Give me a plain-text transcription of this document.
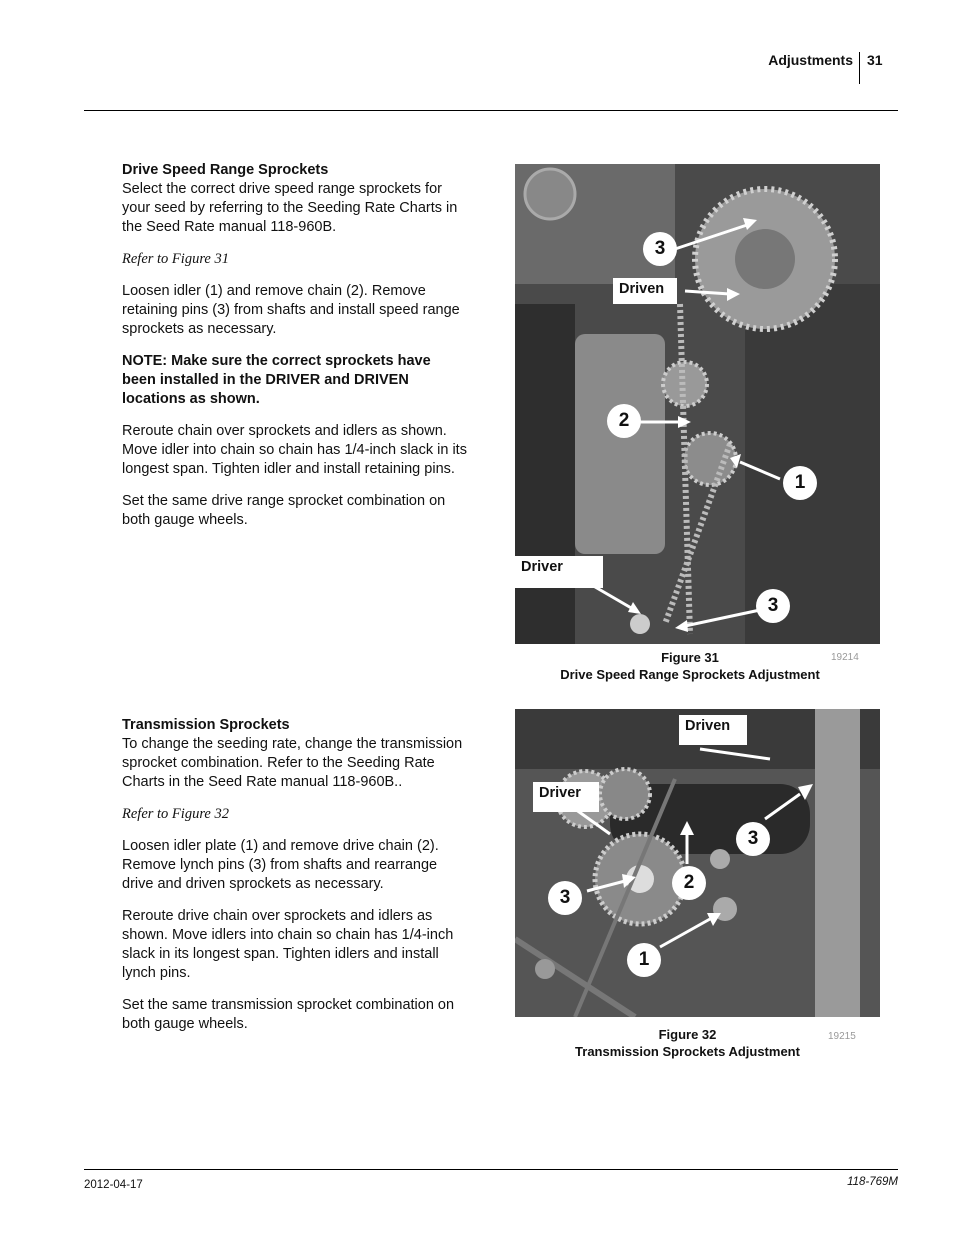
Adjustments 31
Drive Speed Range Sprockets

Select the correct drive speed range sprockets for your seed by referring to the Seeding Rate Charts in the Seed Rate manual 118-960B.

Refer to Figure 31

Loosen idler (1) and remove chain (2). Remove retaining pins (3) from shafts and install speed range sprockets as necessary.

NOTE: Make sure the correct sprockets have been installed in the DRIVER and DRIVEN locations as shown.

Reroute chain over sprockets and idlers as shown. Move idler into chain so chain has 1/4-inch slack in its longest span. Tighten idler and install retaining pins.

Set the same drive range sprocket combination on both gauge wheels.

3
Driven
2
1
Driver
3
Figure 31
Drive Speed Range Sprockets Adjustment
19214
Transmission Sprockets

To change the seeding rate, change the transmission sprocket combination. Refer to the Seeding Rate Charts in the Seed Rate manual 118-960B..

Refer to Figure 32

Loosen idler plate (1) and remove drive chain (2). Remove lynch pins (3) from shafts and rearrange drive and driven sprockets as necessary.

Reroute drive chain over sprockets and idlers as shown. Move idlers into chain so chain has 1/4-inch slack in its longest span. Tighten idlers and install lynch pins.

Set the same transmission sprocket combination on both gauge wheels.

Driven
Driver
3
2
3
1
Figure 32
Transmission Sprockets Adjustment
19215
2012-04-17	118-769M
